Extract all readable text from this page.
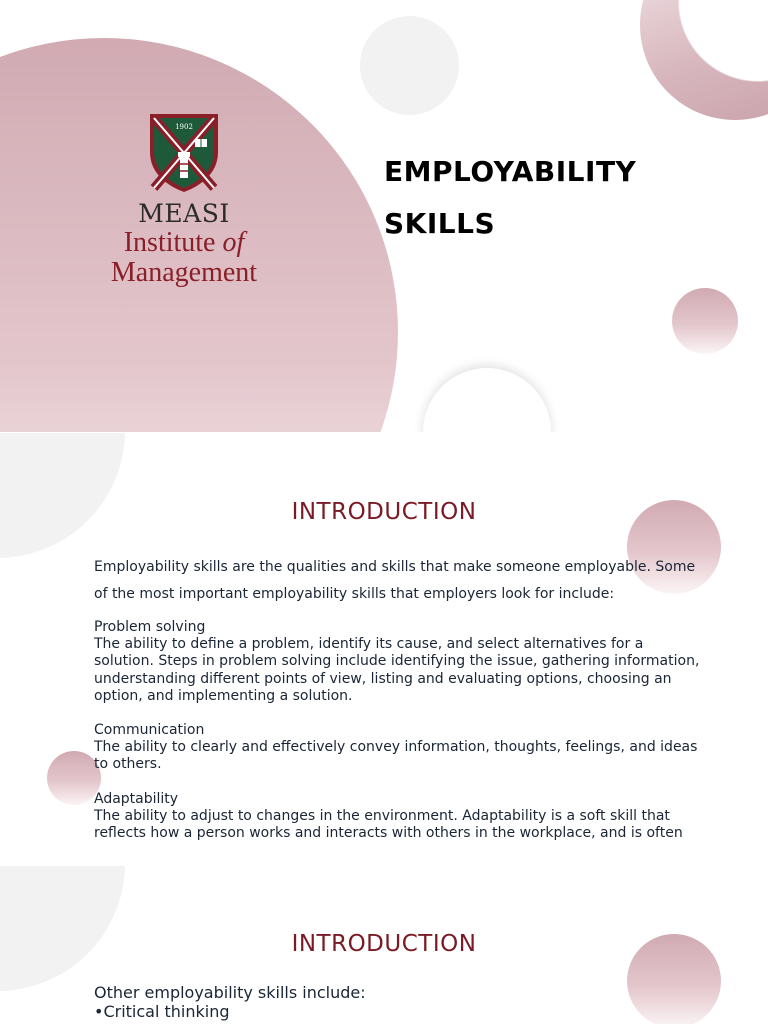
1902
MEASI
Institute of
Management
EMPLOYABILITY
SKILLS
INTRODUCTION
Employability skills are the qualities and skills that make someone employable. Some of the most important employability skills that employers look for include:
Problem solving
The ability to define a problem, identify its cause, and select alternatives for a solution. Steps in problem solving include identifying the issue, gathering information, understanding different points of view, listing and evaluating options, choosing an option, and implementing a solution.
Communication
The ability to clearly and effectively convey information, thoughts, feelings, and ideas to others.
Adaptability
The ability to adjust to changes in the environment. Adaptability is a soft skill that reflects how a person works and interacts with others in the workplace, and is often
INTRODUCTION
Other employability skills include:
•Critical thinking
